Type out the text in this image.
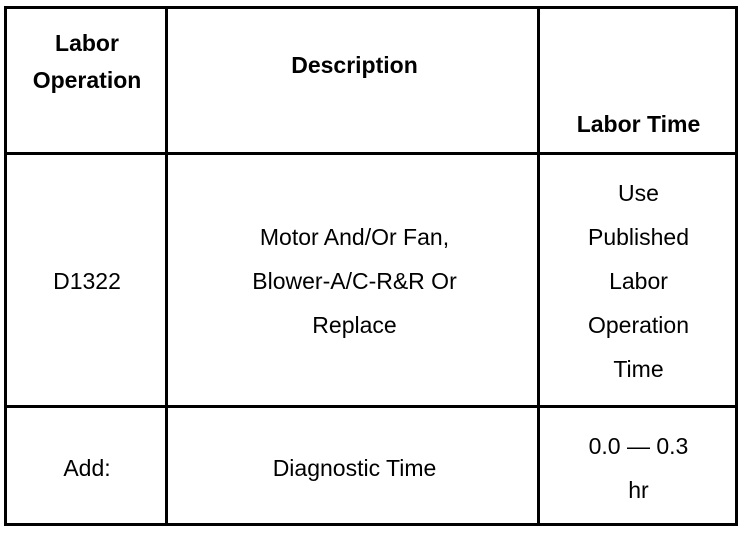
Labor
Operation
Description
Labor Time
D1322
Motor And/Or Fan,
Blower-A/C-R&R Or
Replace
Use
Published
Labor
Operation
Time
Add:	Diagnostic Time
0.0 — 0.3
hr
